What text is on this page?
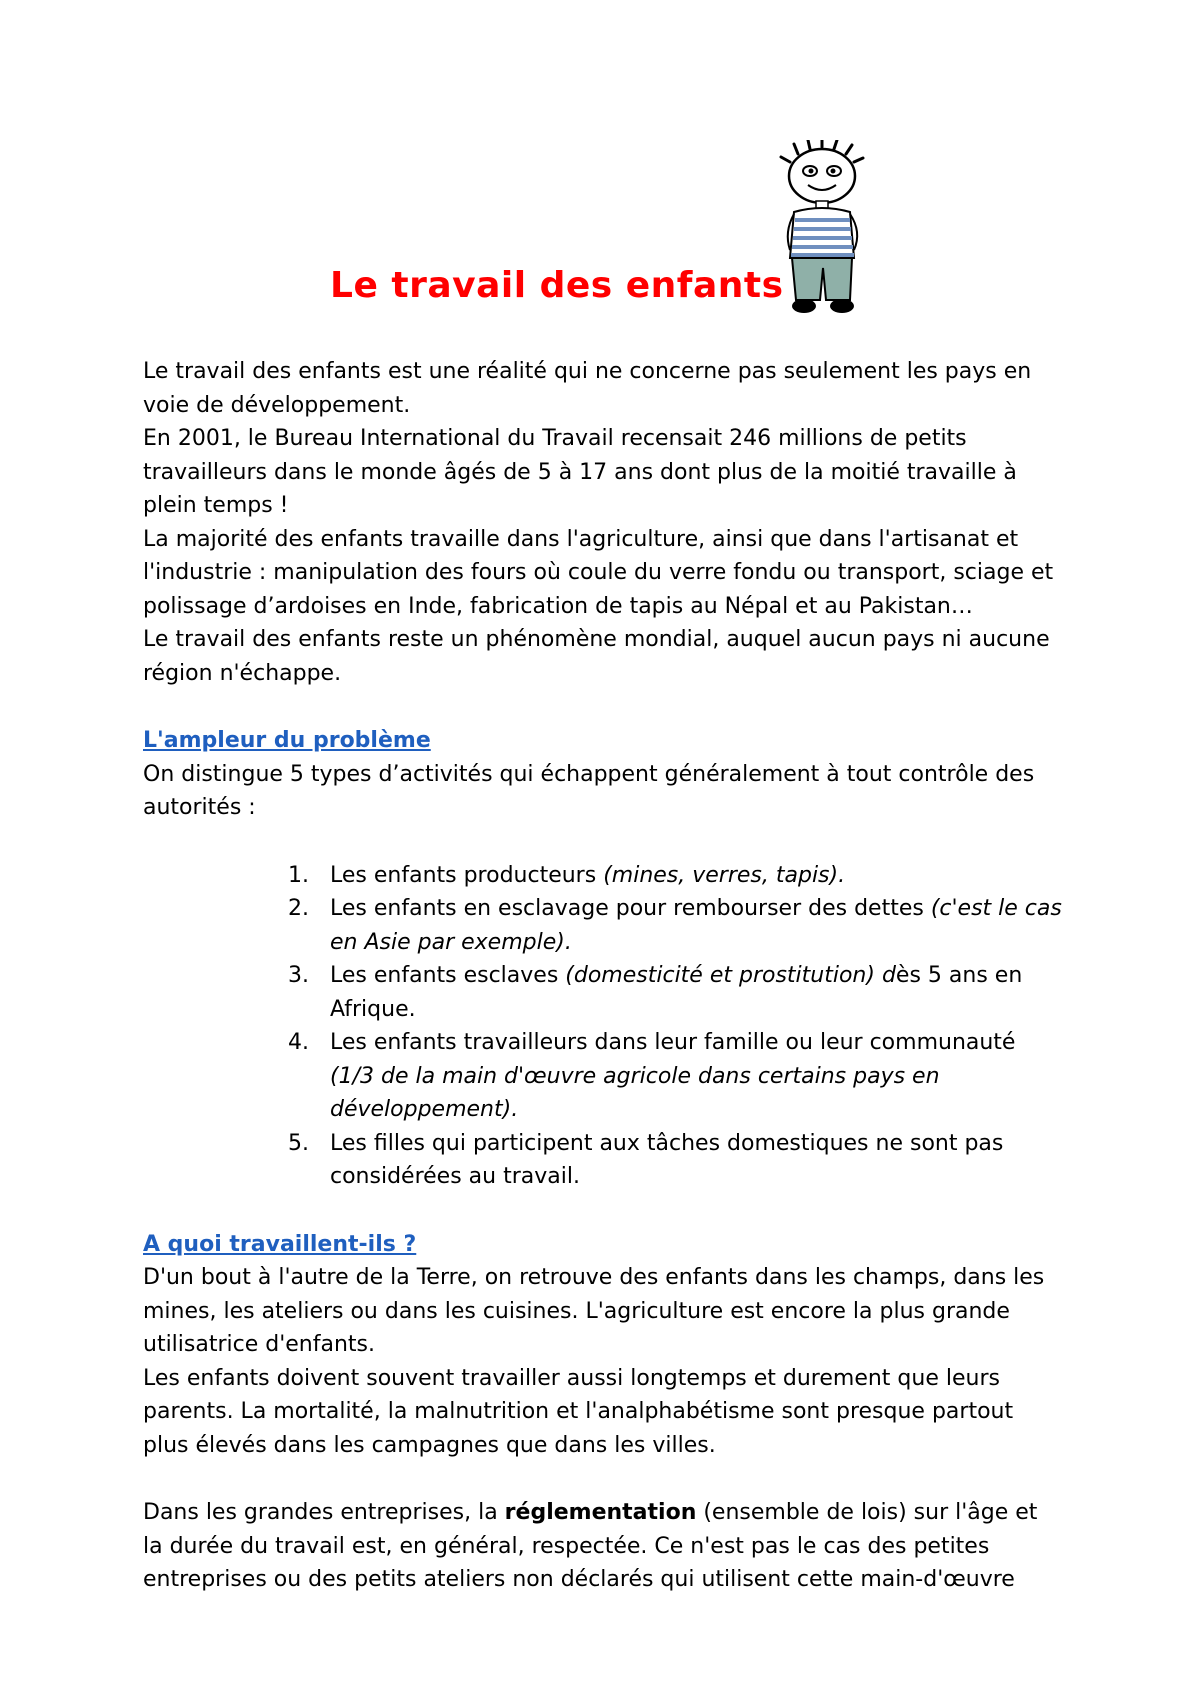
Le travail des enfants

Le travail des enfants est une réalité qui ne concerne pas seulement les pays en voie de développement.

En 2001, le Bureau International du Travail recensait 246 millions de petits travailleurs dans le monde âgés de 5 à 17 ans dont plus de la moitié travaille à plein temps !

La majorité des enfants travaille dans l'agriculture, ainsi que dans l'artisanat et l'industrie : manipulation des fours où coule du verre fondu ou transport, sciage et polissage d’ardoises en Inde, fabrication de tapis au Népal et au Pakistan…

Le travail des enfants reste un phénomène mondial, auquel aucun pays ni aucune région n'échappe.

L'ampleur du problème

On distingue 5 types d’activités qui échappent généralement à tout contrôle des autorités :

1. Les enfants producteurs (mines, verres, tapis).
2. Les enfants en esclavage pour rembourser des dettes (c'est le cas en Asie par exemple).
3. Les enfants esclaves (domesticité et prostitution) dès 5 ans en Afrique.
4. Les enfants travailleurs dans leur famille ou leur communauté (1/3 de la main d'œuvre agricole dans certains pays en développement).
5. Les filles qui participent aux tâches domestiques ne sont pas considérées au travail.

A quoi travaillent-ils ?

D'un bout à l'autre de la Terre, on retrouve des enfants dans les champs, dans les mines, les ateliers ou dans les cuisines. L'agriculture est encore la plus grande utilisatrice d'enfants.

Les enfants doivent souvent travailler aussi longtemps et durement que leurs parents. La mortalité, la malnutrition et l'analphabétisme sont presque partout plus élevés dans les campagnes que dans les villes.

Dans les grandes entreprises, la réglementation (ensemble de lois) sur l'âge et la durée du travail est, en général, respectée. Ce n'est pas le cas des petites entreprises ou des petits ateliers non déclarés qui utilisent cette main-d'œuvre
